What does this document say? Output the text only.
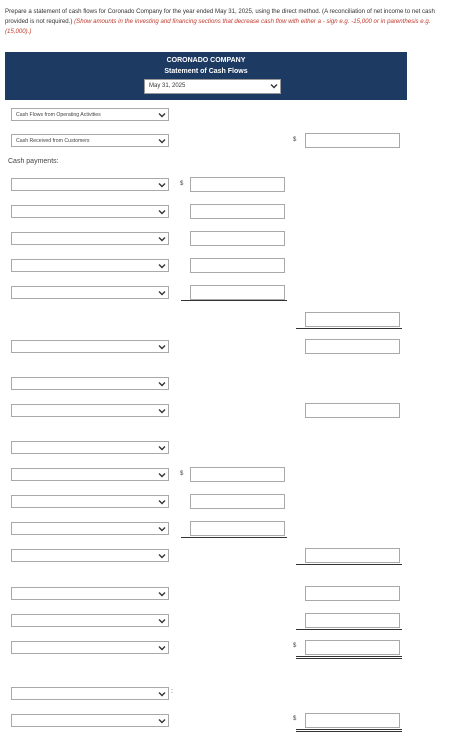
Prepare a statement of cash flows for Coronado Company for the year ended May 31, 2025, using the direct method. (A reconciliation of net income to net cash provided is not required.) (Show amounts in the investing and financing sections that decrease cash flow with either a - sign e.g. -15,000 or in parenthesis e.g. (15,000).)
CORONADO COMPANY
Statement of Cash Flows
May 31, 2025
Cash Flows from Operating Activities
Cash Received from Customers	$
Cash payments:
$
$
$
:
$
